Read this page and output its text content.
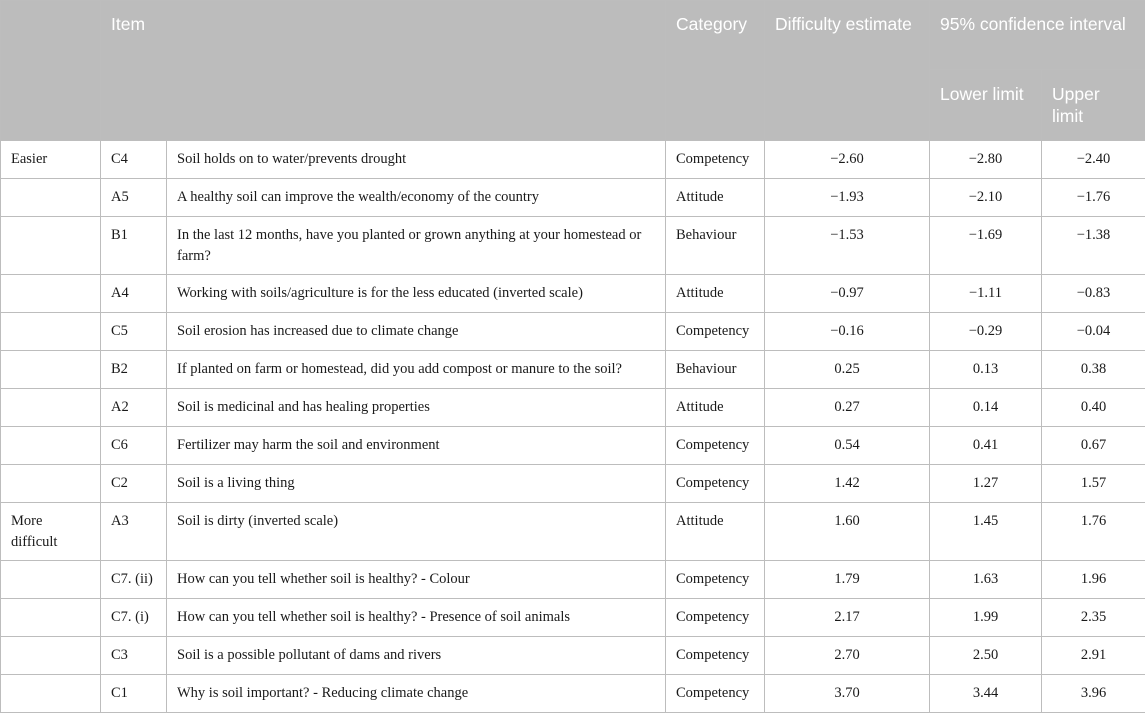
	Item		Category	Difficulty estimate	95% confidence interval	
					Lower limit	Upper limit
Easier	C4	Soil holds on to water/prevents drought	Competency	−2.60	−2.80	−2.40
	A5	A healthy soil can improve the wealth/economy of the country	Attitude	−1.93	−2.10	−1.76
	B1	In the last 12 months, have you planted or grown anything at your homestead or farm?	Behaviour	−1.53	−1.69	−1.38
	A4	Working with soils/agriculture is for the less educated (inverted scale)	Attitude	−0.97	−1.11	−0.83
	C5	Soil erosion has increased due to climate change	Competency	−0.16	−0.29	−0.04
	B2	If planted on farm or homestead, did you add compost or manure to the soil?	Behaviour	0.25	0.13	0.38
	A2	Soil is medicinal and has healing properties	Attitude	0.27	0.14	0.40
	C6	Fertilizer may harm the soil and environment	Competency	0.54	0.41	0.67
	C2	Soil is a living thing	Competency	1.42	1.27	1.57
More difficult	A3	Soil is dirty (inverted scale)	Attitude	1.60	1.45	1.76
	C7. (ii)	How can you tell whether soil is healthy? - Colour	Competency	1.79	1.63	1.96
	C7. (i)	How can you tell whether soil is healthy? - Presence of soil animals	Competency	2.17	1.99	2.35
	C3	Soil is a possible pollutant of dams and rivers	Competency	2.70	2.50	2.91
	C1	Why is soil important? - Reducing climate change	Competency	3.70	3.44	3.96
